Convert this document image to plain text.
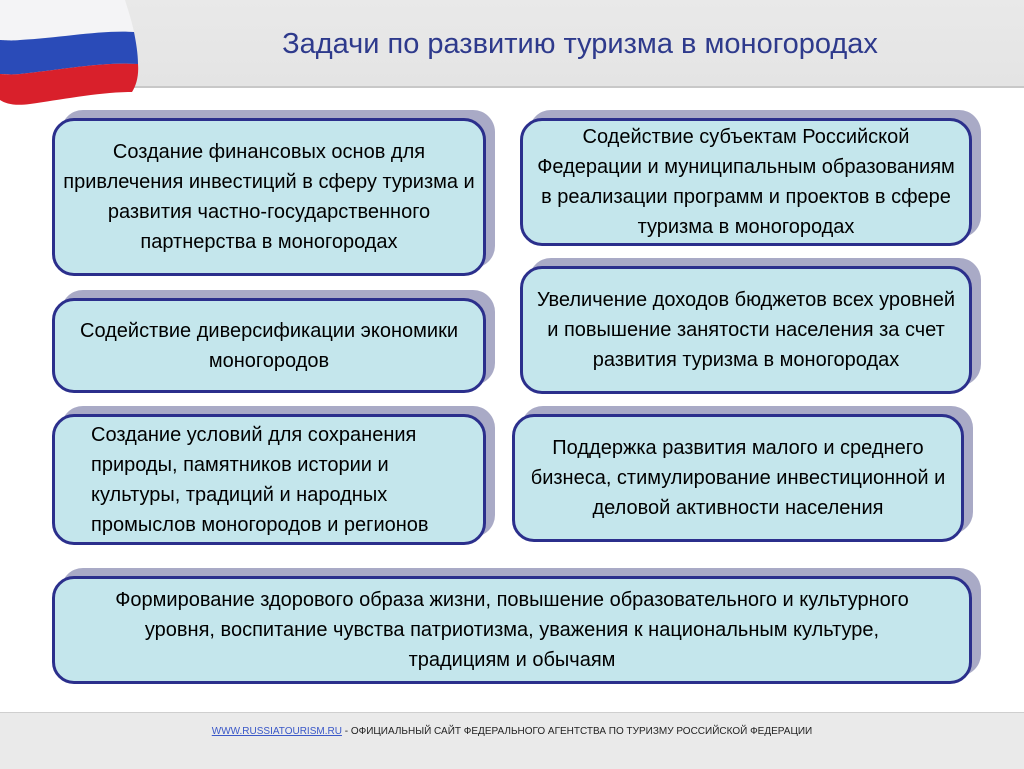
Задачи по развитию туризма в моногородах
Создание финансовых основ для привлечения инвестиций в сферу туризма и развития частно-государственного партнерства в моногородах
Содействие субъектам Российской Федерации и муниципальным образованиям в реализации программ и проектов в сфере туризма в моногородах
Содействие диверсификации экономики моногородов
Увеличение доходов бюджетов всех уровней и повышение занятости населения за счет развития туризма в моногородах
Создание условий для сохранения природы, памятников истории и культуры, традиций и народных промыслов моногородов и регионов
Поддержка развития малого и среднего бизнеса, стимулирование инвестиционной и деловой активности населения
Формирование здорового образа жизни, повышение образовательного и культурного уровня, воспитание чувства патриотизма, уважения к национальным культуре, традициям и обычаям
WWW.RUSSIATOURISM.RU - ОФИЦИАЛЬНЫЙ САЙТ ФЕДЕРАЛЬНОГО АГЕНТСТВА ПО ТУРИЗМУ РОССИЙСКОЙ ФЕДЕРАЦИИ
